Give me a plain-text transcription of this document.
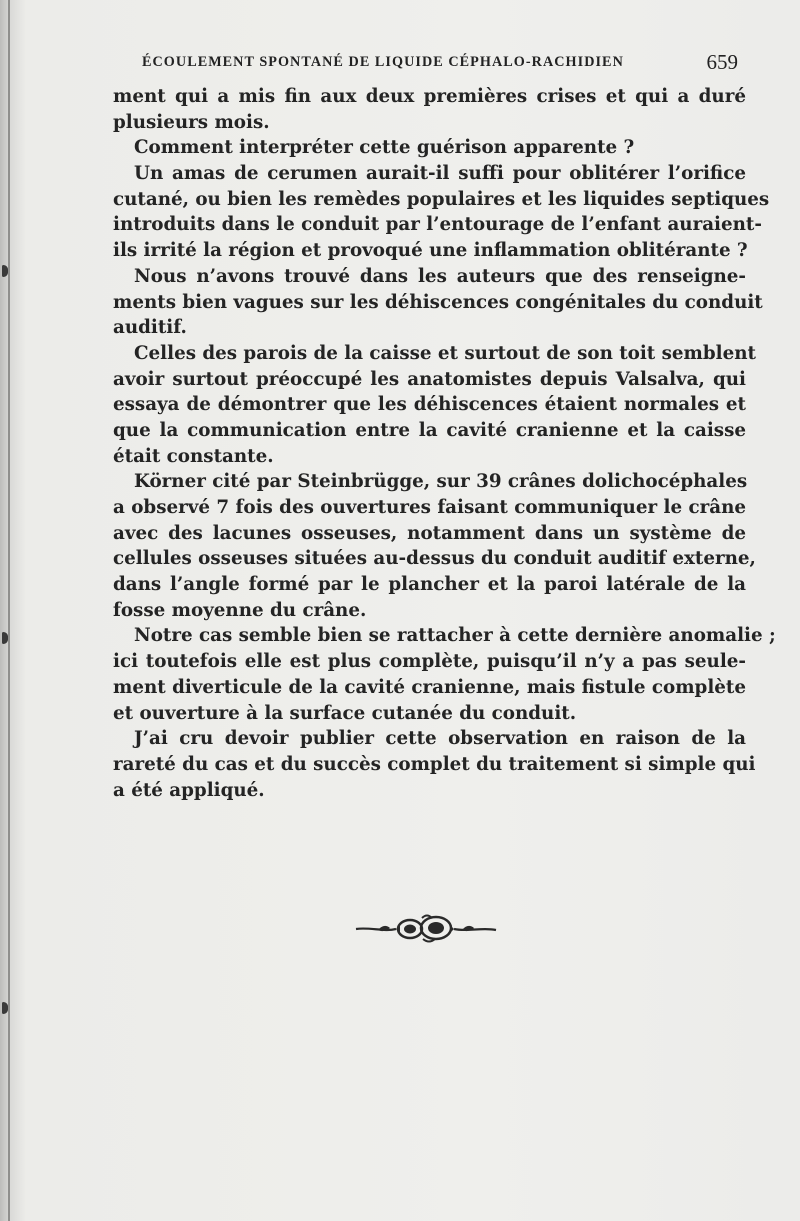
ÉCOULEMENT SPONTANÉ DE LIQUIDE CÉPHALO-RACHIDIEN	659
ment qui a mis fin aux deux premières crises et qui a duré
plusieurs mois.
Comment interpréter cette guérison apparente ?
Un amas de cerumen aurait-il suffi pour oblitérer l’orifice
cutané, ou bien les remèdes populaires et les liquides septiques
introduits dans le conduit par l’entourage de l’enfant auraient-
ils irrité la région et provoqué une inflammation oblitérante ?
Nous n’avons trouvé dans les auteurs que des renseigne-
ments bien vagues sur les déhiscences congénitales du conduit
auditif.
Celles des parois de la caisse et surtout de son toit semblent
avoir surtout préoccupé les anatomistes depuis Valsalva, qui
essaya de démontrer que les déhiscences étaient normales et
que la communication entre la cavité cranienne et la caisse
était constante.
Körner cité par Steinbrügge, sur 39 crânes dolichocéphales
a observé 7 fois des ouvertures faisant communiquer le crâne
avec des lacunes osseuses, notamment dans un système de
cellules osseuses situées au-dessus du conduit auditif externe,
dans l’angle formé par le plancher et la paroi latérale de la
fosse moyenne du crâne.
Notre cas semble bien se rattacher à cette dernière anomalie ;
ici toutefois elle est plus complète, puisqu’il n’y a pas seule-
ment diverticule de la cavité cranienne, mais fistule complète
et ouverture à la surface cutanée du conduit.
J’ai cru devoir publier cette observation en raison de la
rareté du cas et du succès complet du traitement si simple qui
a été appliqué.
